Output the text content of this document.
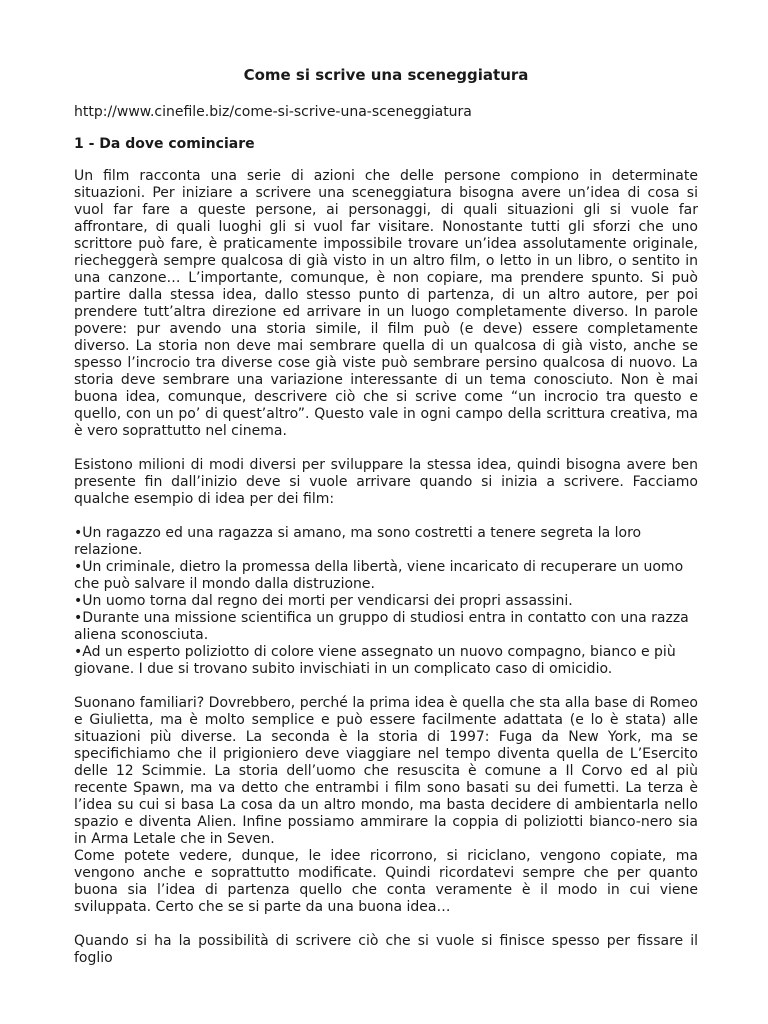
Come si scrive una sceneggiatura
http://www.cinefile.biz/come-si-scrive-una-sceneggiatura
1 - Da dove cominciare

Un film racconta una serie di azioni che delle persone compiono in determinate situazioni. Per iniziare a scrivere una sceneggiatura bisogna avere un’idea di cosa si vuol far fare a queste persone, ai personaggi, di quali situazioni gli si vuole far affrontare, di quali luoghi gli si vuol far visitare. Nonostante tutti gli sforzi che uno scrittore può fare, è praticamente impossibile trovare un’idea assolutamente originale, riecheggerà sempre qualcosa di già visto in un altro film, o letto in un libro, o sentito in una canzone… L’importante, comunque, è non copiare, ma prendere spunto. Si può partire dalla stessa idea, dallo stesso punto di partenza, di un altro autore, per poi prendere tutt’altra direzione ed arrivare in un luogo completamente diverso. In parole povere: pur avendo una storia simile, il film può (e deve) essere completamente diverso. La storia non deve mai sembrare quella di un qualcosa di già visto, anche se spesso l’incrocio tra diverse cose già viste può sembrare persino qualcosa di nuovo. La storia deve sembrare una variazione interessante di un tema conosciuto. Non è mai buona idea, comunque, descrivere ciò che si scrive come “un incrocio tra questo e quello, con un po’ di quest’altro”. Questo vale in ogni campo della scrittura creativa, ma è vero soprattutto nel cinema.

Esistono milioni di modi diversi per sviluppare la stessa idea, quindi bisogna avere ben presente fin dall’inizio deve si vuole arrivare quando si inizia a scrivere. Facciamo qualche esempio di idea per dei film:

• Un ragazzo ed una ragazza si amano, ma sono costretti a tenere segreta la loro relazione.
• Un criminale, dietro la promessa della libertà, viene incaricato di recuperare un uomo che può salvare il mondo dalla distruzione.
• Un uomo torna dal regno dei morti per vendicarsi dei propri assassini.
• Durante una missione scientifica un gruppo di studiosi entra in contatto con una razza aliena sconosciuta.
• Ad un esperto poliziotto di colore viene assegnato un nuovo compagno, bianco e più giovane. I due si trovano subito invischiati in un complicato caso di omicidio.

Suonano familiari? Dovrebbero, perché la prima idea è quella che sta alla base di Romeo e Giulietta, ma è molto semplice e può essere facilmente adattata (e lo è stata) alle situazioni più diverse. La seconda è la storia di 1997: Fuga da New York, ma se specifichiamo che il prigioniero deve viaggiare nel tempo diventa quella de L’Esercito delle 12 Scimmie. La storia dell’uomo che resuscita è comune a Il Corvo ed al più recente Spawn, ma va detto che entrambi i film sono basati su dei fumetti. La terza è l’idea su cui si basa La cosa da un altro mondo, ma basta decidere di ambientarla nello spazio e diventa Alien. Infine possiamo ammirare la coppia di poliziotti bianco-nero sia in Arma Letale che in Seven.

Come potete vedere, dunque, le idee ricorrono, si riciclano, vengono copiate, ma vengono anche e soprattutto modificate. Quindi ricordatevi sempre che per quanto buona sia l’idea di partenza quello che conta veramente è il modo in cui viene sviluppata. Certo che se si parte da una buona idea…

Quando si ha la possibilità di scrivere ciò che si vuole si finisce spesso per fissare il foglio
